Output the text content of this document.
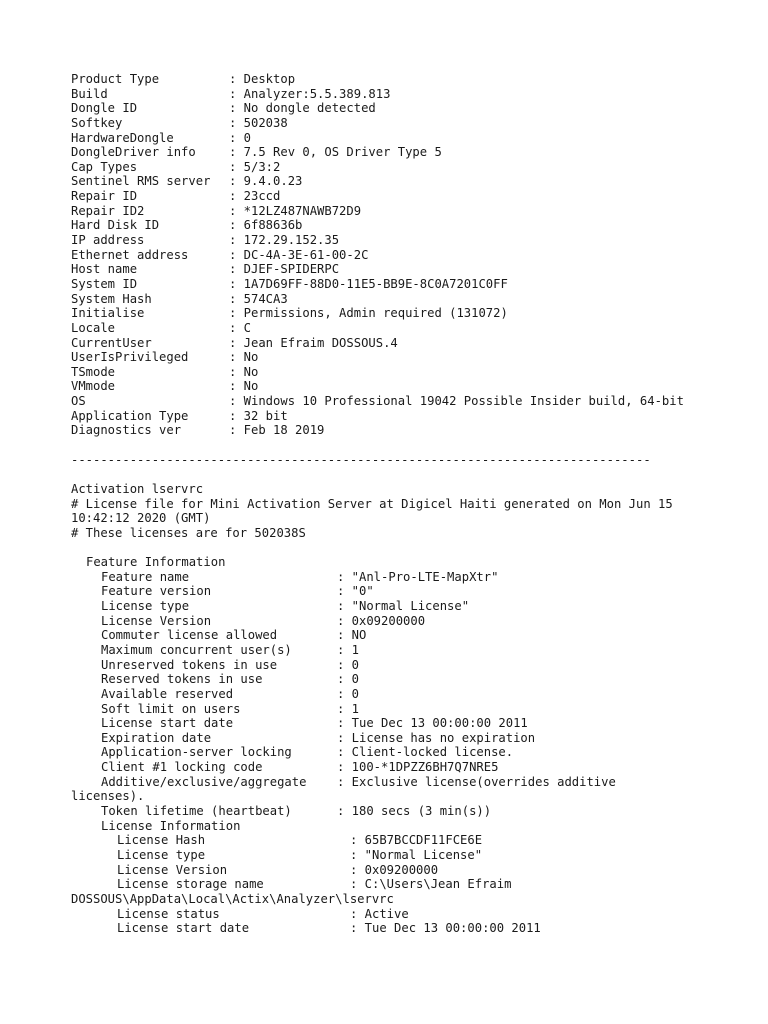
Product Type	: Desktop
Build	: Analyzer:5.5.389.813
Dongle ID	: No dongle detected
Softkey	: 502038
HardwareDongle	: 0
DongleDriver info	: 7.5 Rev 0, OS Driver Type 5
Cap Types	: 5/3:2
Sentinel RMS server : 9.4.0.23
Repair ID	: 23ccd
Repair ID2	: *12LZ487NAWB72D9
Hard Disk ID	: 6f88636b
IP address	: 172.29.152.35
Ethernet address	: DC-4A-3E-61-00-2C
Host name	: DJEF-SPIDERPC
System ID	: 1A7D69FF-88D0-11E5-BB9E-8C0A7201C0FF
System Hash	: 574CA3
Initialise	: Permissions, Admin required (131072)
Locale	: C
CurrentUser	: Jean Efraim DOSSOUS.4
UserIsPrivileged	: No
TSmode	: No
VMmode	: No
OS	: Windows 10 Professional 19042 Possible Insider build, 64-bit
Application Type	: 32 bit
Diagnostics ver	: Feb 18 2019
-------------------------------------------------------------------------------
Activation lservrc
# License file for Mini Activation Server at Digicel Haiti generated on Mon Jun 15
10:42:12 2020 (GMT)
# These licenses are for 502038S
Feature Information
Feature name	: "Anl-Pro-LTE-MapXtr"
Feature version	: "0"
License type	: "Normal License"
License Version	: 0x09200000
Commuter license allowed	: NO
Maximum concurrent user(s)	: 1
Unreserved tokens in use	: 0
Reserved tokens in use	: 0
Available reserved	: 0
Soft limit on users	: 1
License start date	: Tue Dec 13 00:00:00 2011
Expiration date	: License has no expiration
Application-server locking	: Client-locked license.
Client #1 locking code	: 100-*1DPZZ6BH7Q7NRE5
Additive/exclusive/aggregate	: Exclusive license(overrides additive
licenses).
Token lifetime (heartbeat)	: 180 secs (3 min(s))
License Information
License Hash	: 65B7BCCDF11FCE6E
License type	: "Normal License"
License Version	: 0x09200000
License storage name	: C:\Users\Jean Efraim
DOSSOUS\AppData\Local\Actix\Analyzer\lservrc
License status	: Active
License start date	: Tue Dec 13 00:00:00 2011
